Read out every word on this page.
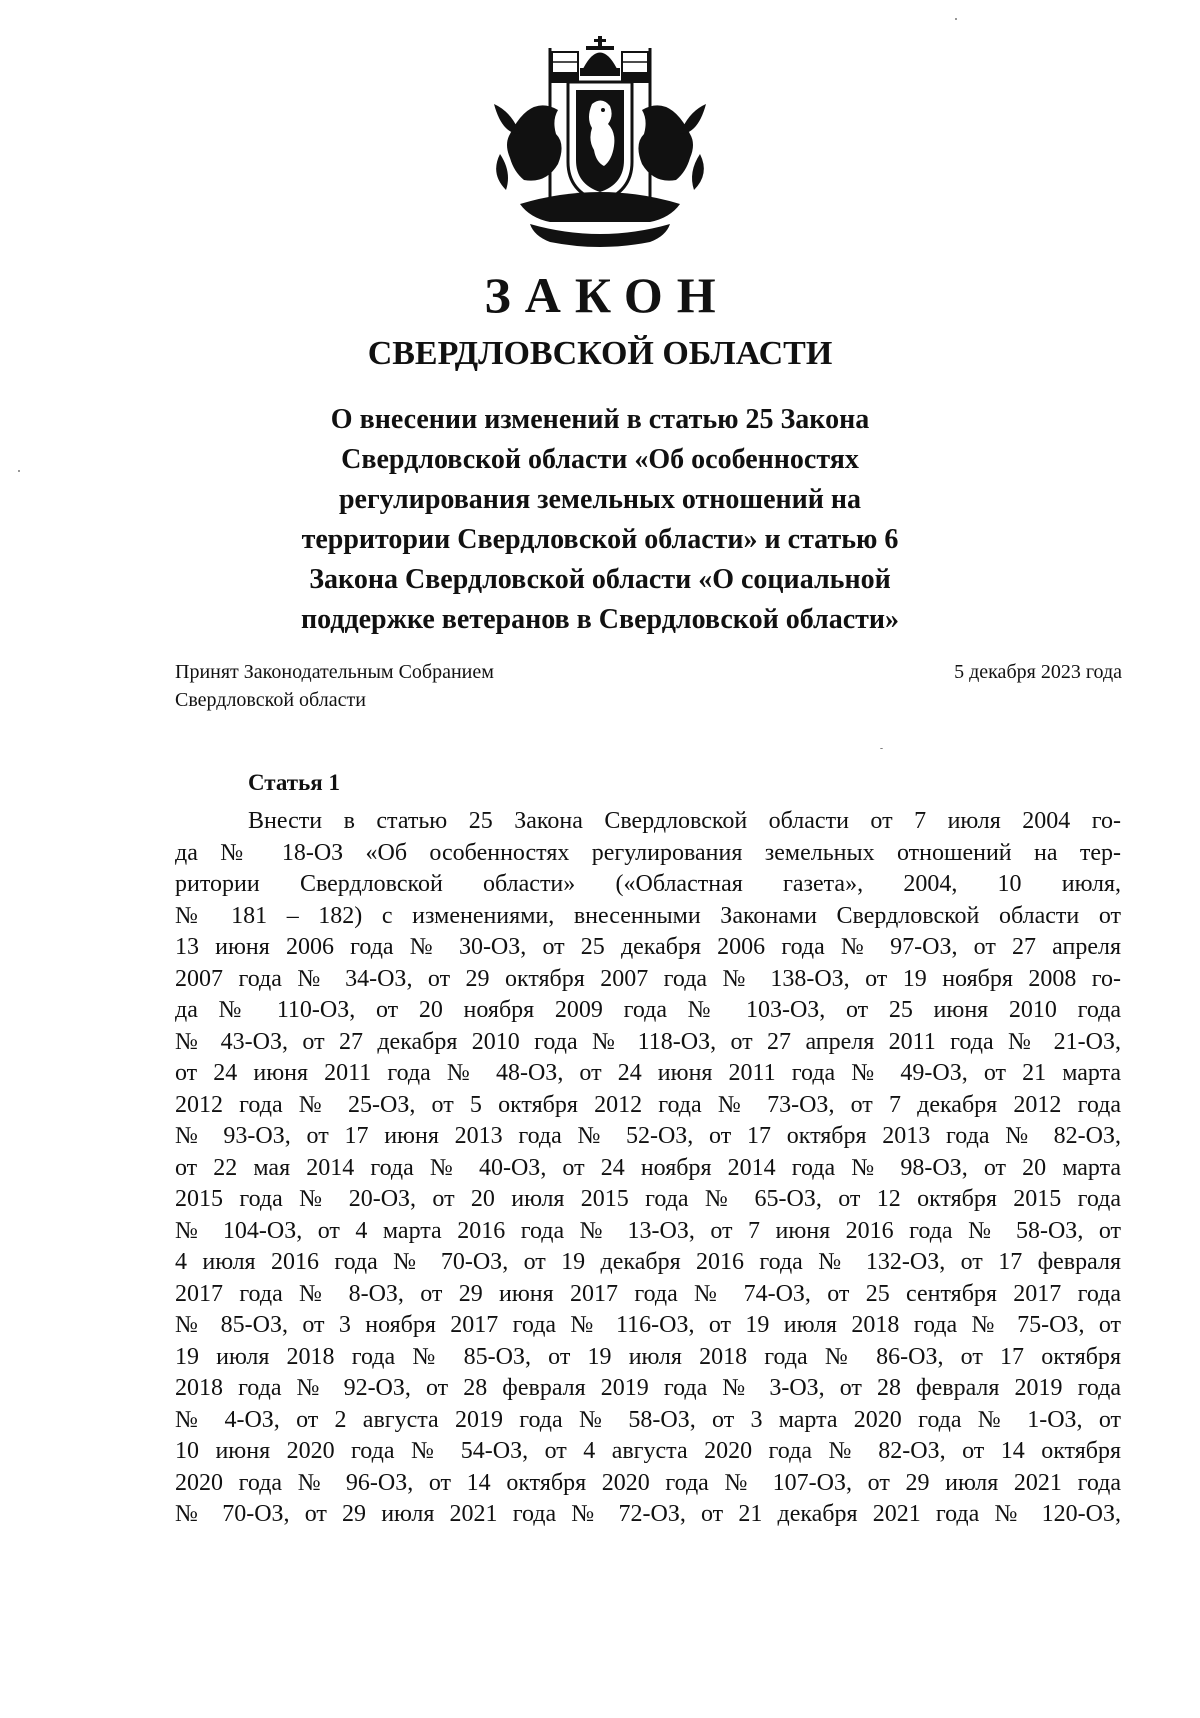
ЗАКОН
СВЕРДЛОВСКОЙ ОБЛАСТИ
О внесении изменений в статью 25 Закона
Свердловской области «Об особенностях
регулирования земельных отношений на
территории Свердловской области» и статью 6
Закона Свердловской области «О социальной
поддержке ветеранов в Свердловской области»
Принят Законодательным Собранием
Свердловской области
5 декабря 2023 года
Статья 1
Внести в статью 25 Закона Свердловской области от 7 июля 2004 го-
да № 18-ОЗ «Об особенностях регулирования земельных отношений на тер-
ритории Свердловской области» («Областная газета», 2004, 10 июля,
№ 181 – 182) с изменениями, внесенными Законами Свердловской области от
13 июня 2006 года № 30-ОЗ, от 25 декабря 2006 года № 97-ОЗ, от 27 апреля
2007 года № 34-ОЗ, от 29 октября 2007 года № 138-ОЗ, от 19 ноября 2008 го-
да № 110-ОЗ, от 20 ноября 2009 года № 103-ОЗ, от 25 июня 2010 года
№ 43-ОЗ, от 27 декабря 2010 года № 118-ОЗ, от 27 апреля 2011 года № 21-ОЗ,
от 24 июня 2011 года № 48-ОЗ, от 24 июня 2011 года № 49-ОЗ, от 21 марта
2012 года № 25-ОЗ, от 5 октября 2012 года № 73-ОЗ, от 7 декабря 2012 года
№ 93-ОЗ, от 17 июня 2013 года № 52-ОЗ, от 17 октября 2013 года № 82-ОЗ,
от 22 мая 2014 года № 40-ОЗ, от 24 ноября 2014 года № 98-ОЗ, от 20 марта
2015 года № 20-ОЗ, от 20 июля 2015 года № 65-ОЗ, от 12 октября 2015 года
№ 104-ОЗ, от 4 марта 2016 года № 13-ОЗ, от 7 июня 2016 года № 58-ОЗ, от
4 июля 2016 года № 70-ОЗ, от 19 декабря 2016 года № 132-ОЗ, от 17 февраля
2017 года № 8-ОЗ, от 29 июня 2017 года № 74-ОЗ, от 25 сентября 2017 года
№ 85-ОЗ, от 3 ноября 2017 года № 116-ОЗ, от 19 июля 2018 года № 75-ОЗ, от
19 июля 2018 года № 85-ОЗ, от 19 июля 2018 года № 86-ОЗ, от 17 октября
2018 года № 92-ОЗ, от 28 февраля 2019 года № 3-ОЗ, от 28 февраля 2019 года
№ 4-ОЗ, от 2 августа 2019 года № 58-ОЗ, от 3 марта 2020 года № 1-ОЗ, от
10 июня 2020 года № 54-ОЗ, от 4 августа 2020 года № 82-ОЗ, от 14 октября
2020 года № 96-ОЗ, от 14 октября 2020 года № 107-ОЗ, от 29 июля 2021 года
№ 70-ОЗ, от 29 июля 2021 года № 72-ОЗ, от 21 декабря 2021 года № 120-ОЗ,
